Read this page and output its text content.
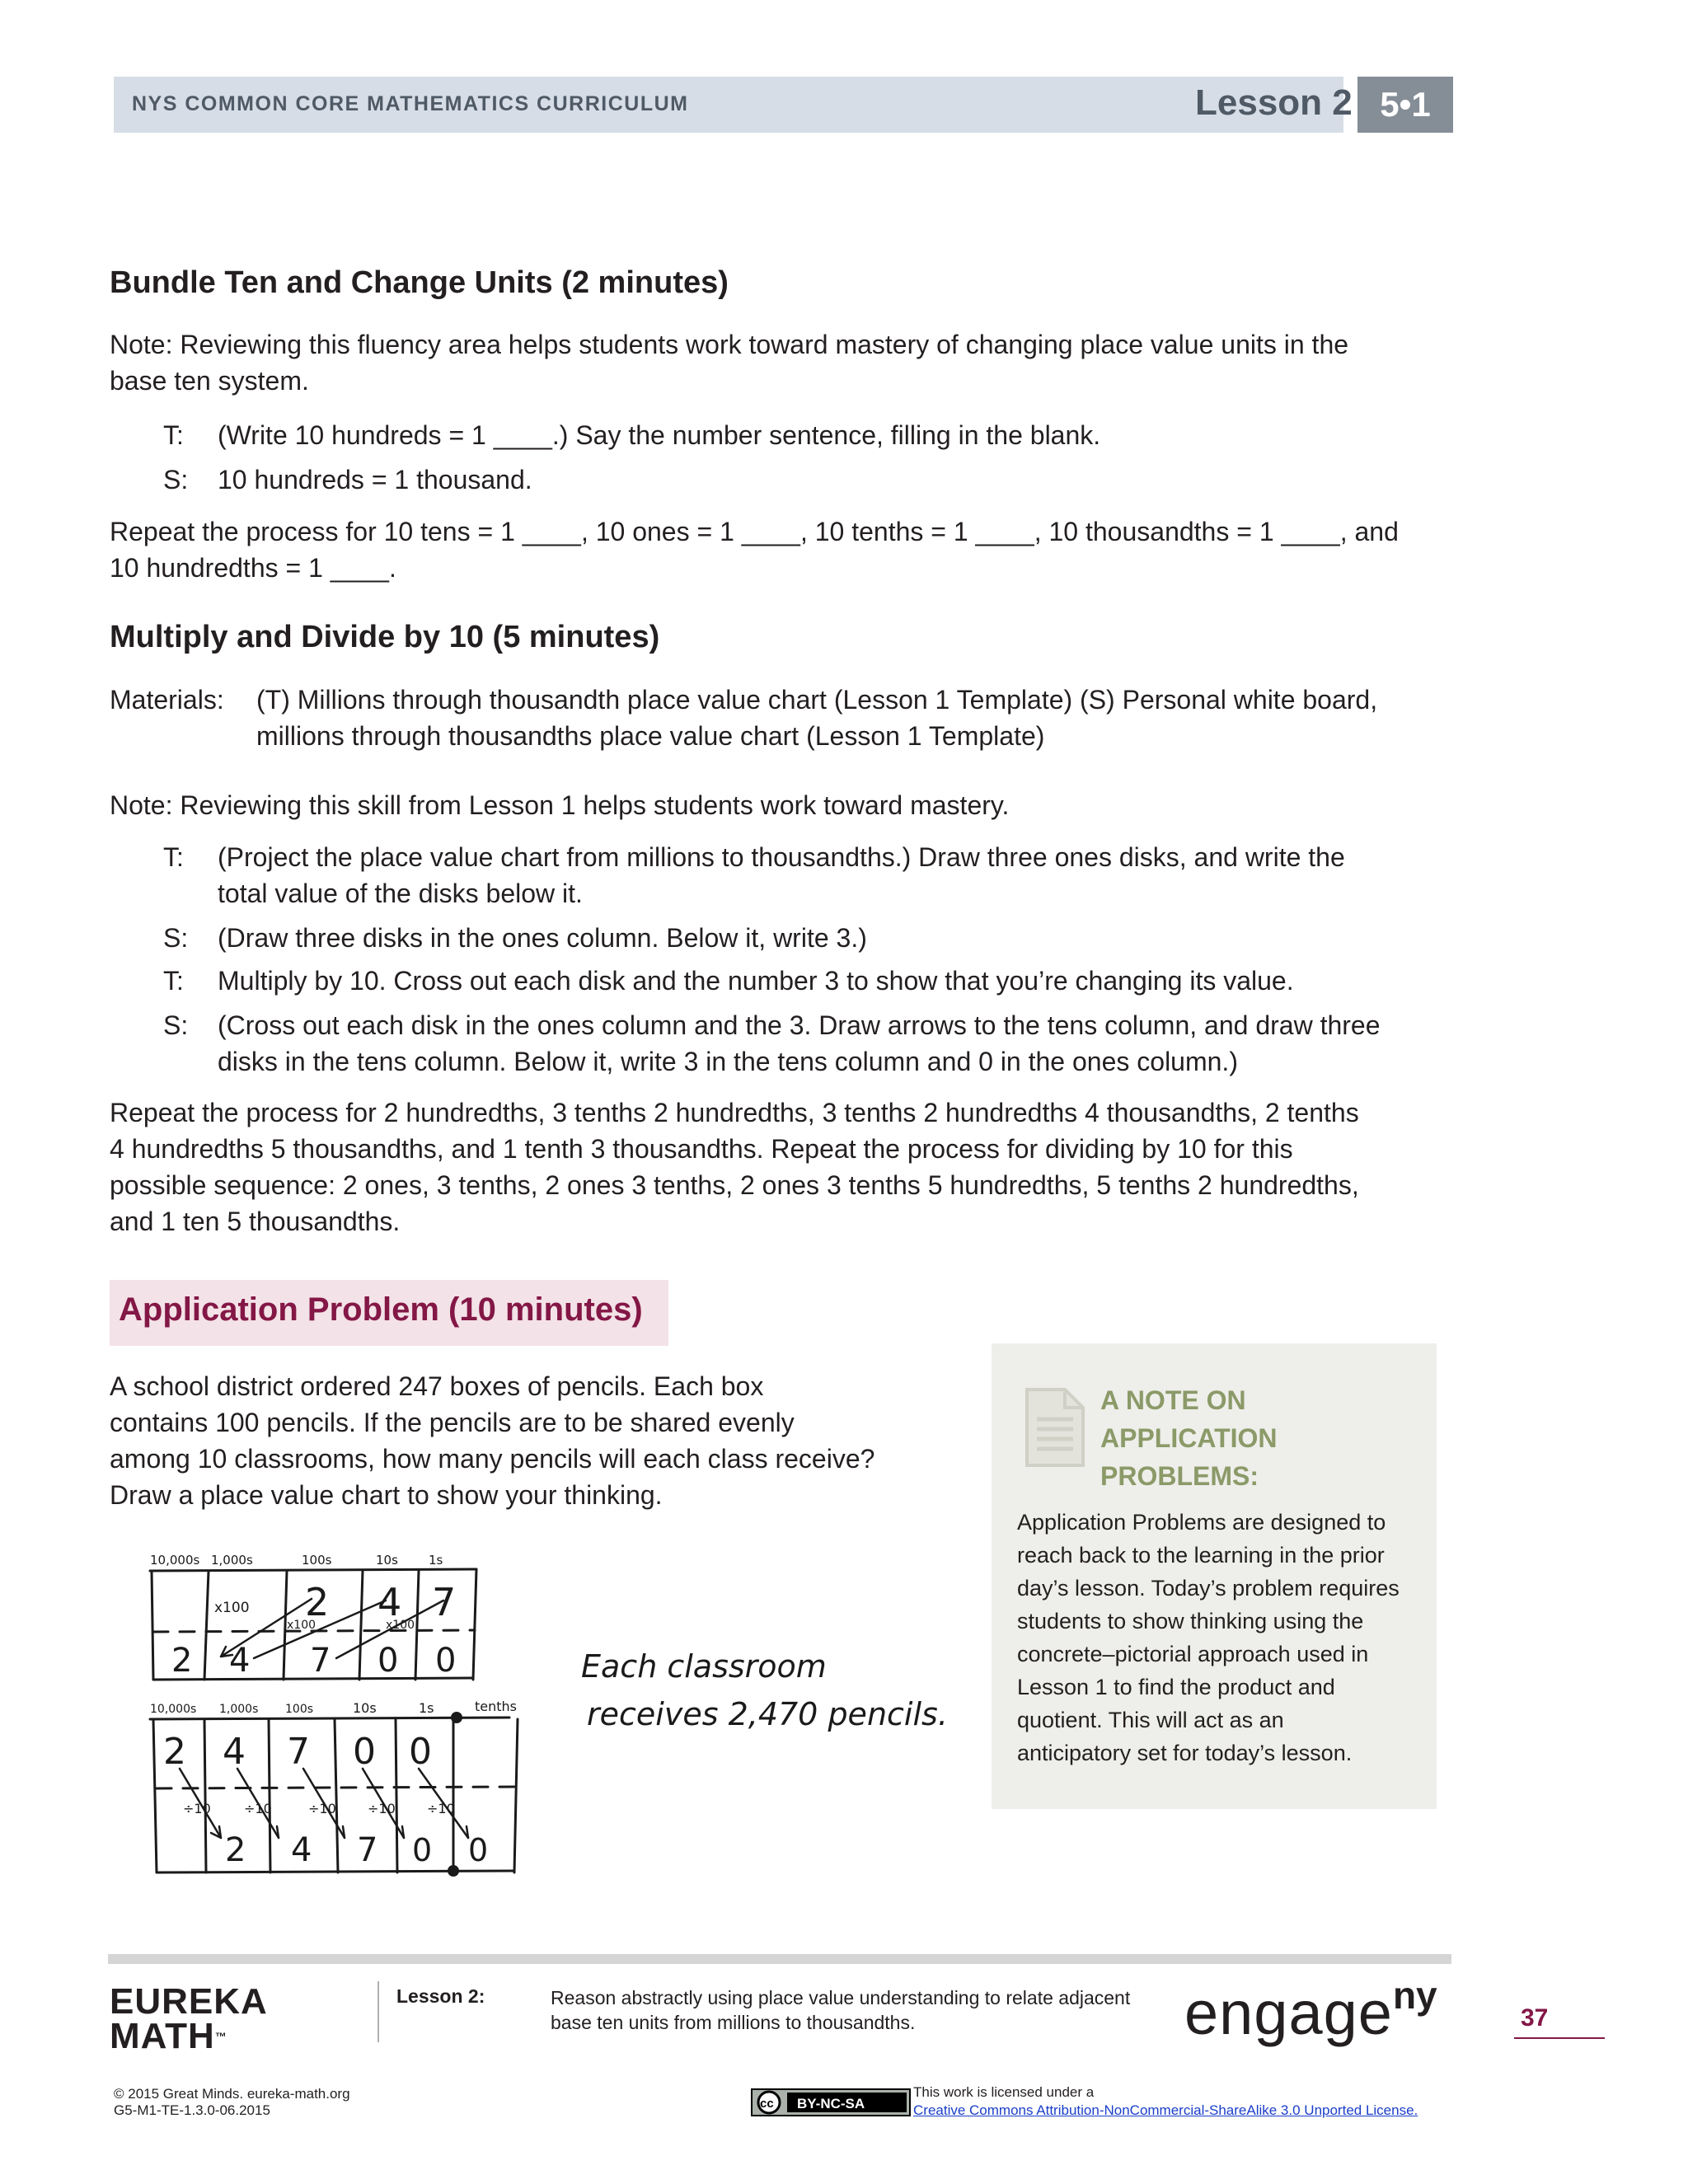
NYS COMMON CORE MATHEMATICS CURRICULUM	Lesson 2 5•1
Bundle Ten and Change Units (2 minutes)
Note: Reviewing this fluency area helps students work toward mastery of changing place value units in the
base ten system.
T: (Write 10 hundreds = 1 ____.) Say the number sentence, filling in the blank.
S: 10 hundreds = 1 thousand.
Repeat the process for 10 tens = 1 ____, 10 ones = 1 ____, 10 tenths = 1 ____, 10 thousandths = 1 ____, and
10 hundredths = 1 ____.
Multiply and Divide by 10 (5 minutes)
Materials: (T) Millions through thousandth place value chart (Lesson 1 Template) (S) Personal white board,
millions through thousandths place value chart (Lesson 1 Template)
Note: Reviewing this skill from Lesson 1 helps students work toward mastery.
T: (Project the place value chart from millions to thousandths.) Draw three ones disks, and write the
total value of the disks below it.
S: (Draw three disks in the ones column. Below it, write 3.)
T: Multiply by 10. Cross out each disk and the number 3 to show that you’re changing its value.
S: (Cross out each disk in the ones column and the 3. Draw arrows to the tens column, and draw three
disks in the tens column. Below it, write 3 in the tens column and 0 in the ones column.)
Repeat the process for 2 hundredths, 3 tenths 2 hundredths, 3 tenths 2 hundredths 4 thousandths, 2 tenths
4 hundredths 5 thousandths, and 1 tenth 3 thousandths. Repeat the process for dividing by 10 for this
possible sequence: 2 ones, 3 tenths, 2 ones 3 tenths, 2 ones 3 tenths 5 hundredths, 5 tenths 2 hundredths,
and 1 ten 5 thousandths.
Application Problem (10 minutes)
A school district ordered 247 boxes of pencils. Each box
contains 100 pencils. If the pencils are to be shared evenly
among 10 classrooms, how many pencils will each class receive?
Draw a place value chart to show your thinking.
10,000s 1,000s	100s	10s 1s
2 4 7
2 4 7 0 0
x100
x100	x100
10,000s 1,000s 100s	10s	1s	tenths
2 4 7 0 0
2 4 7 0 0
÷10	÷10	÷10 ÷10 ÷10
Each classroom
receives 2,470 pencils.
A NOTE ON
APPLICATION
PROBLEMS:
Application Problems are designed to
reach back to the learning in the prior
day’s lesson. Today’s problem requires
students to show thinking using the
concrete–pictorial approach used in
Lesson 1 to find the product and
quotient. This will act as an
anticipatory set for today’s lesson.
EUREKA
MATH™
Lesson 2:	Reason abstractly using place value understanding to relate adjacent
base ten units from millions to thousandths.	engageny
37
© 2015 Great Minds. eureka-math.org
G5-M1-TE-1.3.0-06.2015	cc BY-NC-SA
This work is licensed under a
Creative Commons Attribution-NonCommercial-ShareAlike 3.0 Unported License.
